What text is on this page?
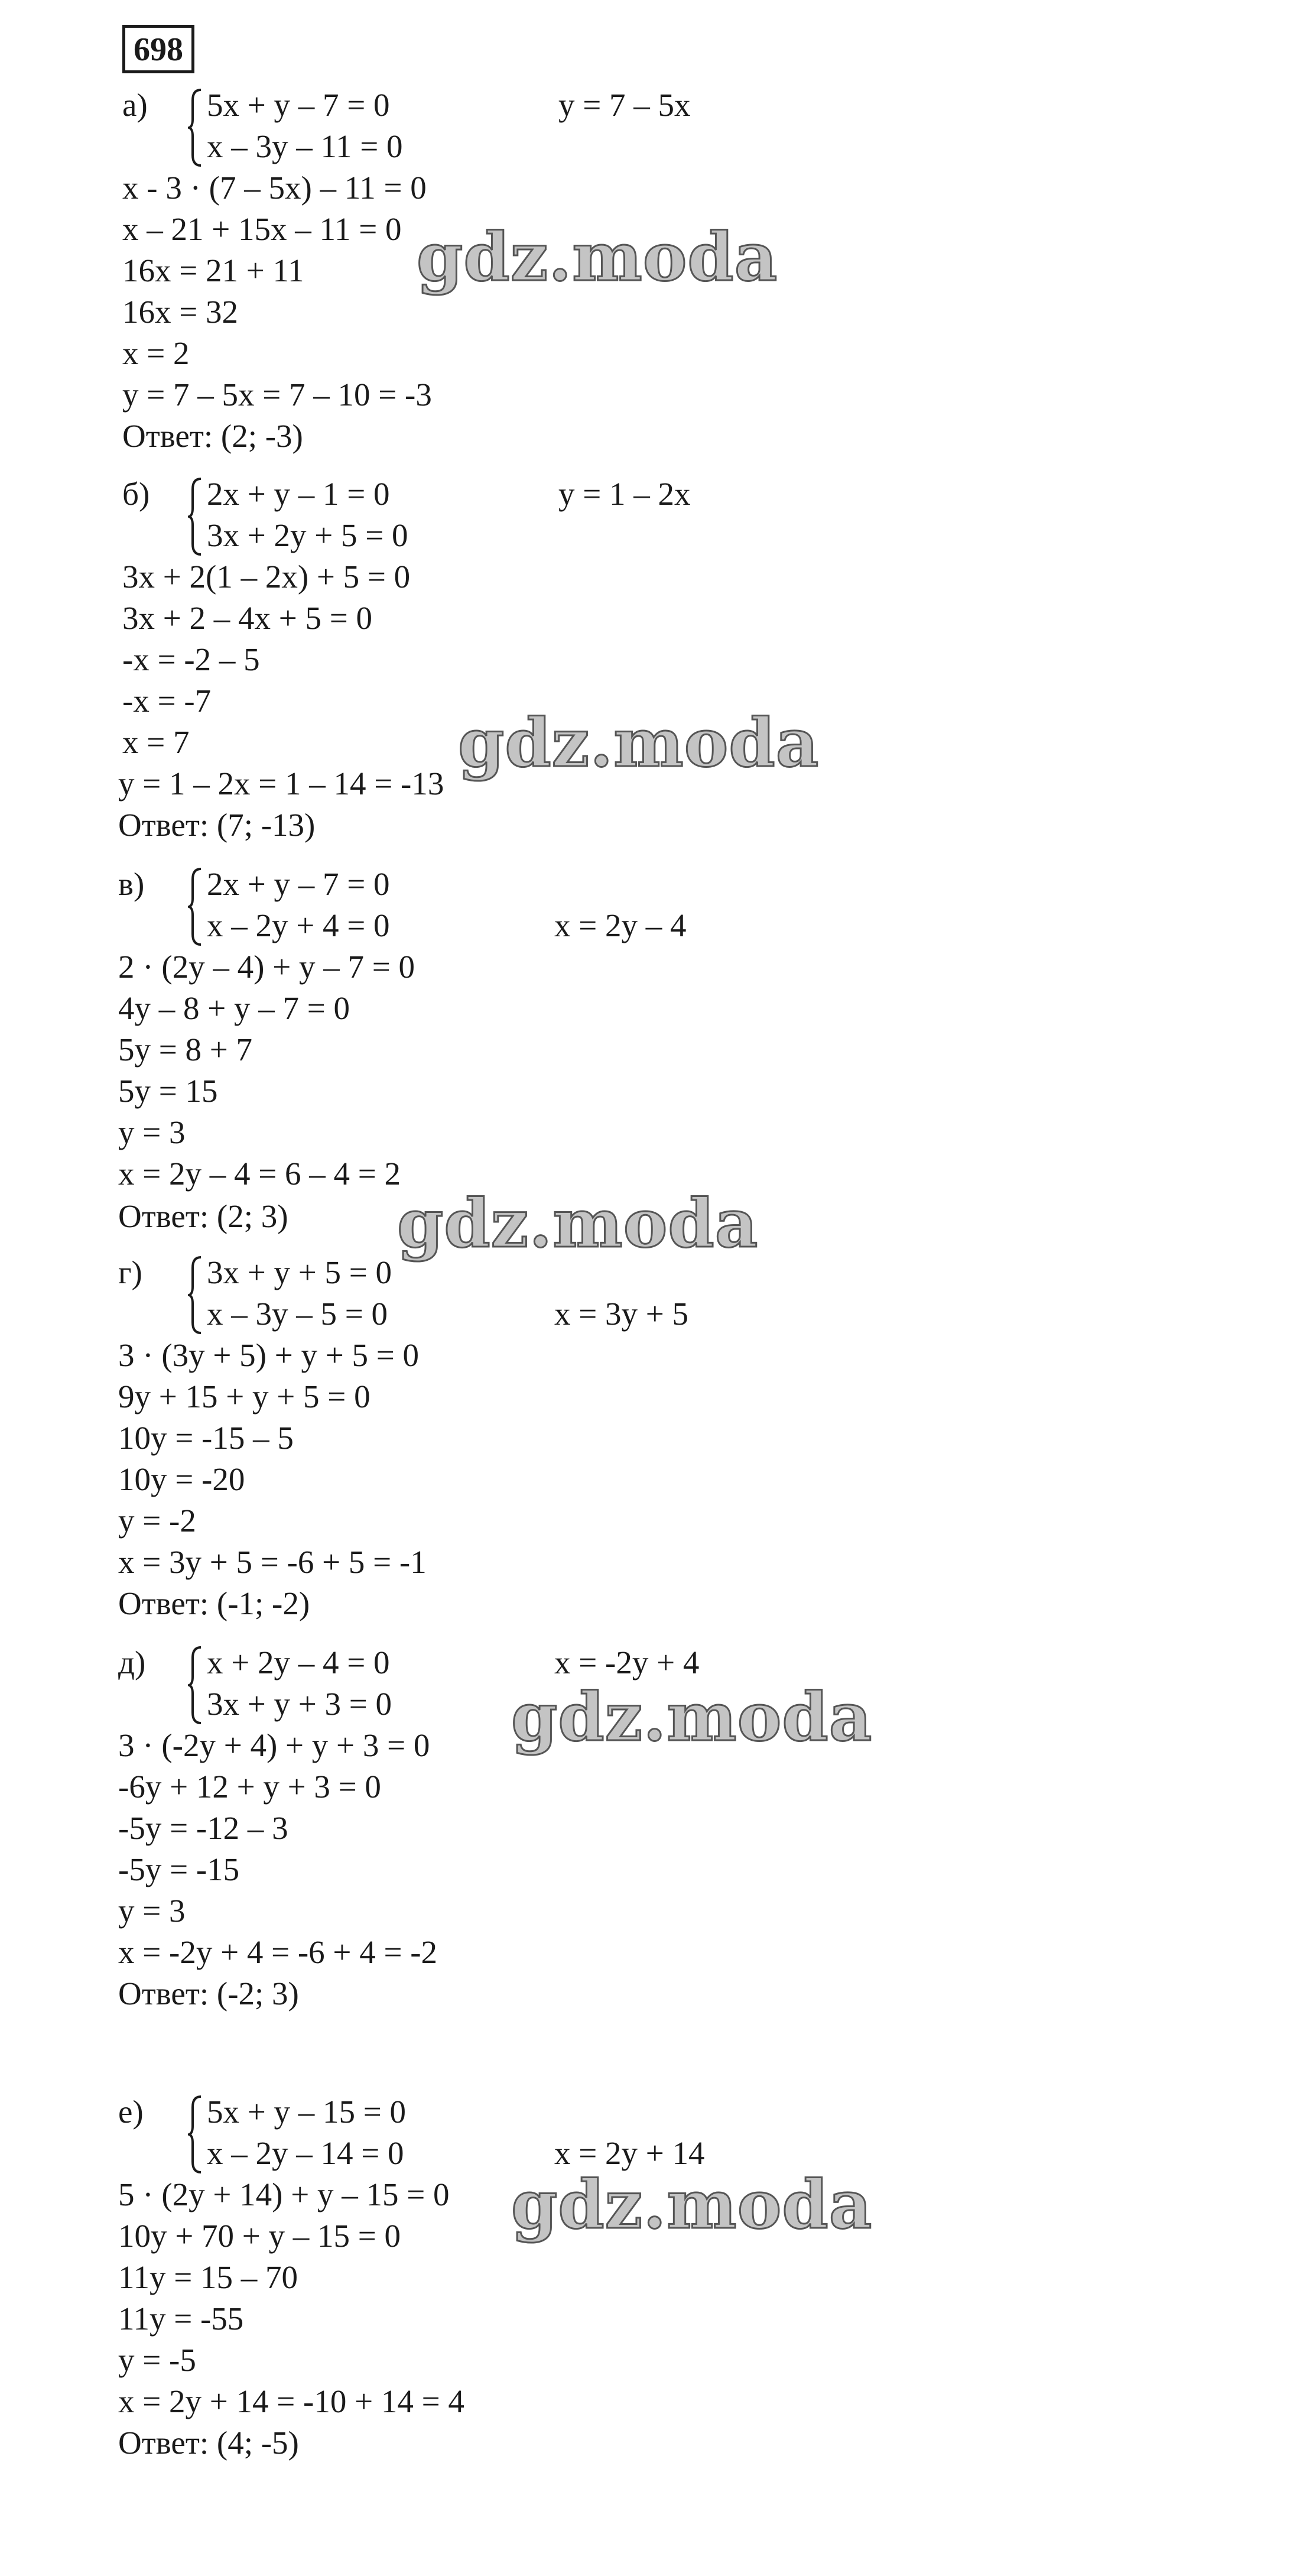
698
а) 5x + y – 7 = 0
x – 3y – 11 = 0
y = 7 – 5x
x - 3 · (7 – 5x) – 11 = 0
x – 21 + 15x – 11 = 0
16x = 21 + 11
16x = 32
x = 2
y = 7 – 5x = 7 – 10 = -3
Ответ: (2; -3)
б) 2x + y – 1 = 0
3x + 2y + 5 = 0
y = 1 – 2x
3x + 2(1 – 2x) + 5 = 0
3x + 2 – 4x + 5 = 0
-x = -2 – 5
-x = -7
x = 7
y = 1 – 2x = 1 – 14 = -13
Ответ: (7; -13)
в) 2x + y – 7 = 0
x – 2y + 4 = 0	x = 2y – 4
2 · (2y – 4) + y – 7 = 0
4y – 8 + y – 7 = 0
5y = 8 + 7
5y = 15
y = 3
x = 2y – 4 = 6 – 4 = 2
Ответ: (2; 3)
г) 3x + y + 5 = 0
x – 3y – 5 = 0	x = 3y + 5
3 · (3y + 5) + y + 5 = 0
9y + 15 + y + 5 = 0
10y = -15 – 5
10y = -20
y = -2
x = 3y + 5 = -6 + 5 = -1
Ответ: (-1; -2)
д) x + 2y – 4 = 0
3x + y + 3 = 0
x = -2y + 4
3 · (-2y + 4) + y + 3 = 0
-6y + 12 + y + 3 = 0
-5y = -12 – 3
-5y = -15
y = 3
x = -2y + 4 = -6 + 4 = -2
Ответ: (-2; 3)
е) 5x + y – 15 = 0
x – 2y – 14 = 0	x = 2y + 14
5 · (2y + 14) + y – 15 = 0
10y + 70 + y – 15 = 0
11y = 15 – 70
11y = -55
y = -5
x = 2y + 14 = -10 + 14 = 4
Ответ: (4; -5)
gdz.moda
gdz.moda
gdz.moda
gdz.moda
gdz.moda
